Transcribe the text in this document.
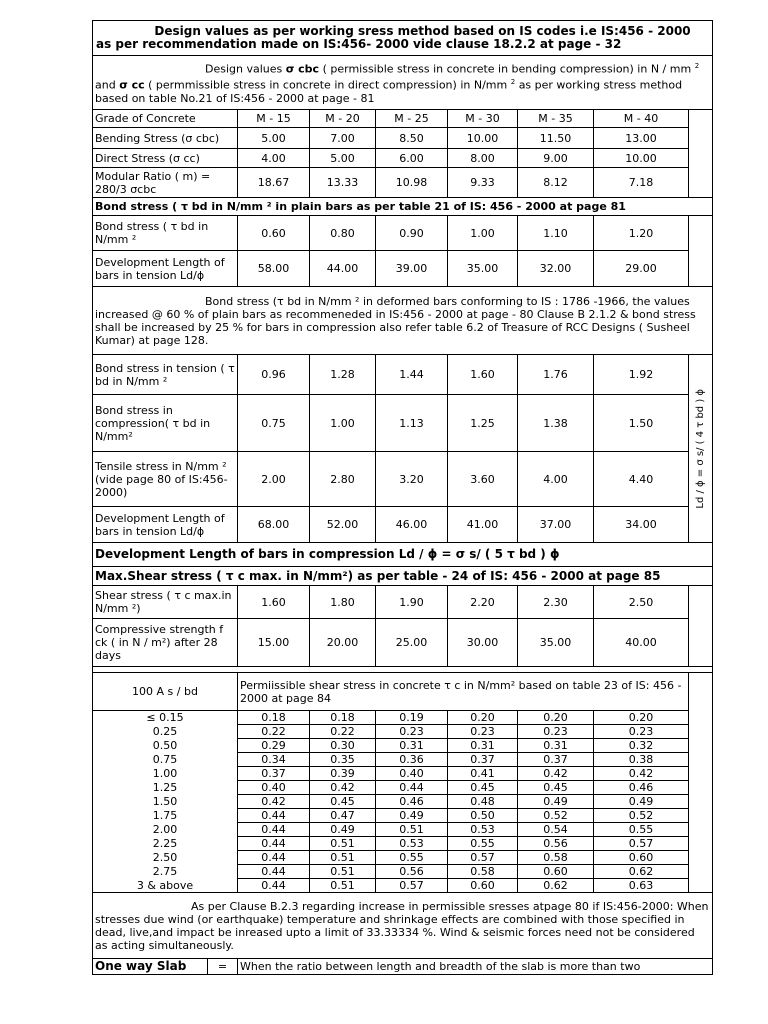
Design values as per working sress method based on IS codes i.e IS:456 - 2000
as per recommendation made on IS:456- 2000 vide clause 18.2.2 at page - 32							

Design values σ cbc ( permissible stress in concrete in bending compression) in N / mm $^2$ and σ cc ( permmissible stress in concrete in direct compression) in N/mm $^2$ as per working stress method based on table No.21 of IS:456 - 2000 at page - 81							
Grade of Concrete	M - 15	M - 20	M - 25	M - 30	M - 35	M - 40	
Bending Stress (σ cbc)	5.00	7.00	8.50	10.00	11.50	13.00	
Direct Stress (σ cc)	4.00	5.00	6.00	8.00	9.00	10.00	
Modular Ratio ( m) = 280/3 σcbc	18.67	13.33	10.98	9.33	8.12	7.18	
Bond stress ( τ bd in N/mm ² in plain bars as per table 21 of IS: 456 - 2000 at page 81							
Bond stress ( τ bd in N/mm ²	0.60	0.80	0.90	1.00	1.10	1.20	
Development Length of bars in tension Ld/ϕ	58.00	44.00	39.00	35.00	32.00	29.00	
Bond stress (τ bd in N/mm ² in deformed bars conforming to IS : 1786 -1966, the values increased @ 60 % of plain bars as recommeneded in IS:456 - 2000 at page - 80 Clause B 2.1.2 & bond stress shall be increased by 25 % for bars in compression also refer table 6.2 of Treasure of RCC Designs ( Susheel Kumar) at page 128.							
Bond stress in tension ( τ bd in N/mm ²	0.96	1.28	1.44	1.60	1.76	1.92	Ld / ϕ = σ s/ ( 4 τ bd ) ϕ

Bond stress in compression( τ bd in N/mm²	0.75	1.00	1.13	1.25	1.38	1.50	
Tensile stress in N/mm ² (vide page 80 of IS:456-2000)	2.00	2.80	3.20	3.60	4.00	4.40	
Development Length of bars in tension Ld/ϕ	68.00	52.00	46.00	41.00	37.00	34.00	
Development Length of bars in compression Ld / ϕ = σ s/ ( 5 τ bd ) ϕ							
Max.Shear stress ( τ c max. in N/mm²) as per table - 24 of IS: 456 - 2000 at page 85							
Shear stress ( τ c max.in N/mm ²)	1.60	1.80	1.90	2.20	2.30	2.50	
Compressive strength f ck ( in N / m²) after 28 days	15.00	20.00	25.00	30.00	35.00	40.00	

100 A s / bd	Permiissible shear stress in concrete τ c in N/mm² based on table 23 of IS: 456 - 2000 at page 84						
≤ 0.15	0.18	0.18	0.19	0.20	0.20	0.20	
0.25	0.22	0.22	0.23	0.23	0.23	0.23	
0.50	0.29	0.30	0.31	0.31	0.31	0.32	
0.75	0.34	0.35	0.36	0.37	0.37	0.38	
1.00	0.37	0.39	0.40	0.41	0.42	0.42	
1.25	0.40	0.42	0.44	0.45	0.45	0.46	
1.50	0.42	0.45	0.46	0.48	0.49	0.49	
1.75	0.44	0.47	0.49	0.50	0.52	0.52	
2.00	0.44	0.49	0.51	0.53	0.54	0.55	
2.25	0.44	0.51	0.53	0.55	0.56	0.57	
2.50	0.44	0.51	0.55	0.57	0.58	0.60	
2.75	0.44	0.51	0.56	0.58	0.60	0.62	
3 & above	0.44	0.51	0.57	0.60	0.62	0.63	
As per Clause B.2.3 regarding increase in permissible sresses atpage 80 if IS:456-2000: When stresses due wind (or earthquake) temperature and shrinkage effects are combined with those specified in dead, live,and impact be inreased upto a limit of 33.33334 %. Wind & seismic forces need not be considered as acting simultaneously.
One way Slab	=	When the ratio between length and breadth of the slab is more than two
